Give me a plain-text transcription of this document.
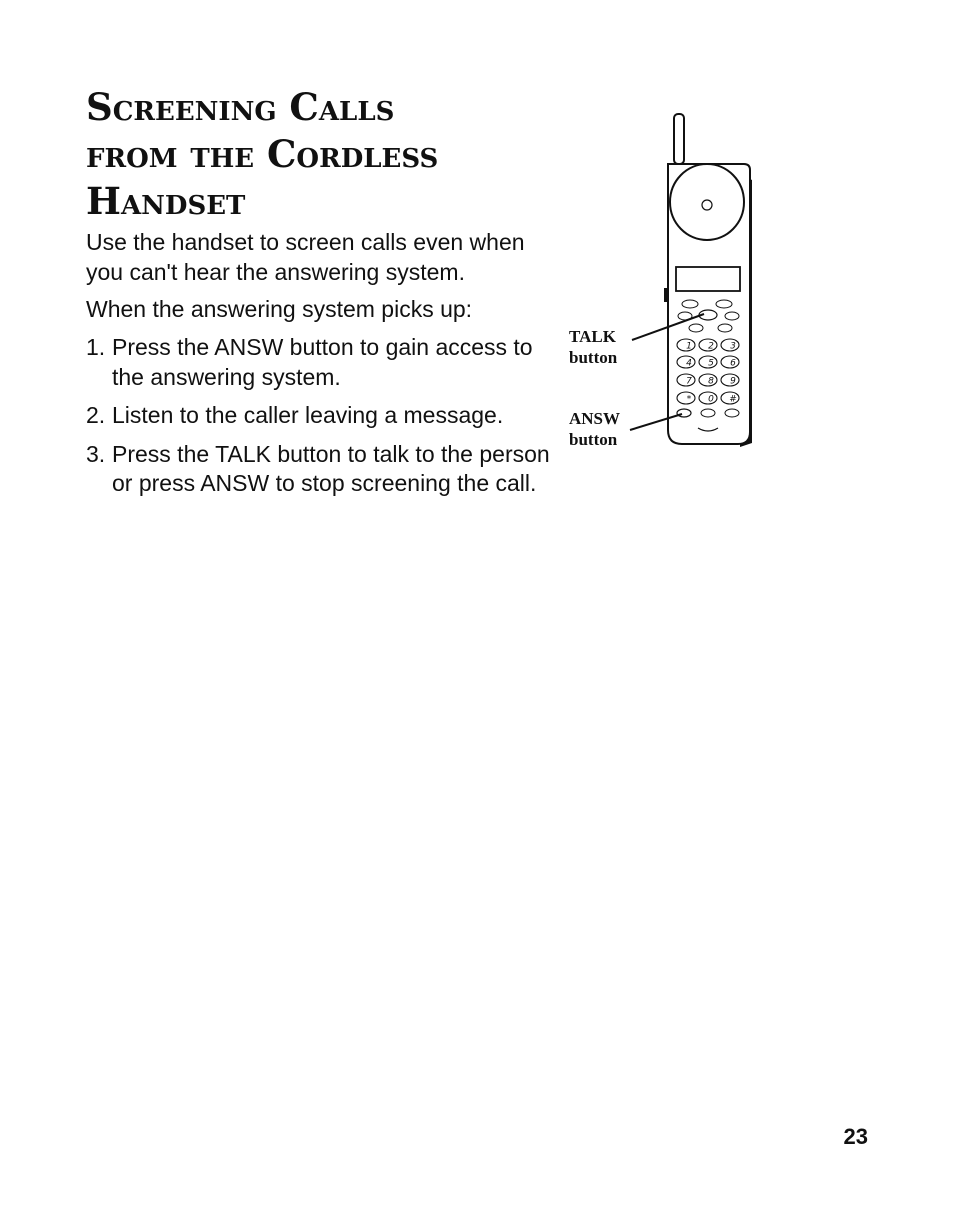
Screening Calls
from the Cordless
Handset

Use the handset to screen calls even when you can't hear the answering system.

When the answering system picks up:

1. Press the ANSW button to gain access to the answering system.
2. Listen to the caller leaving a message.
3. Press the TALK button to talk to the person or press ANSW to stop screening the call.
1 2 3
4 5 6
7 8 9
* 0 #
TALK
button
ANSW
button
23
